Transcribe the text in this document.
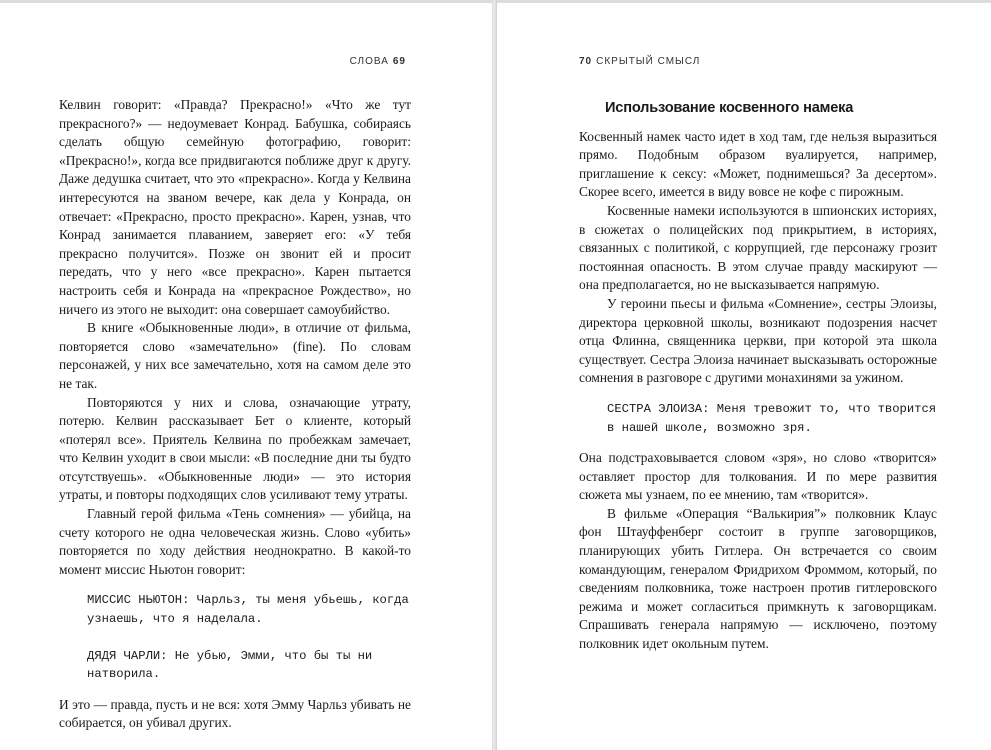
СЛОВА 69

Келвин говорит: «Правда? Прекрасно!» «Что же тут прекрасного?» — недоумевает Конрад. Бабушка, собираясь сделать общую семейную фотографию, говорит: «Прекрасно!», когда все придвигаются поближе друг к другу. Даже дедушка считает, что это «прекрасно». Когда у Келвина интересуются на званом вечере, как дела у Конрада, он отвечает: «Прекрасно, просто прекрасно». Карен, узнав, что Конрад занимается плаванием, заверяет его: «У тебя прекрасно получится». Позже он звонит ей и просит передать, что у него «все прекрасно». Карен пытается настроить себя и Конрада на «прекрасное Рождество», но ничего из этого не выходит: она совершает самоубийство.

В книге «Обыкновенные люди», в отличие от фильма, повторяется слово «замечательно» (fine). По словам персонажей, у них все замечательно, хотя на самом деле это не так.

Повторяются у них и слова, означающие утрату, потерю. Келвин рассказывает Бет о клиенте, который «потерял все». Приятель Келвина по пробежкам замечает, что Келвин уходит в свои мысли: «В последние дни ты будто отсутствуешь». «Обыкновенные люди» — это история утраты, и повторы подходящих слов усиливают тему утраты.

Главный герой фильма «Тень сомнения» — убийца, на счету которого не одна человеческая жизнь. Слово «убить» повторяется по ходу действия неоднократно. В какой-то момент миссис Ньютон говорит:

МИССИС НЬЮТОН: Чарльз, ты меня убьешь, когда узнаешь, что я наделала.
ДЯДЯ ЧАРЛИ: Не убью, Эмми, что бы ты ни натворила.

И это — правда, пусть и не вся: хотя Эмму Чарльз убивать не собирается, он убивал других.

70 СКРЫТЫЙ СМЫСЛ
Использование косвенного намека

Косвенный намек часто идет в ход там, где нельзя выразиться прямо. Подобным образом вуалируется, например, приглашение к сексу: «Может, поднимешься? За десертом». Скорее всего, имеется в виду вовсе не кофе с пирожным.

Косвенные намеки используются в шпионских историях, в сюжетах о полицейских под прикрытием, в историях, связанных с политикой, с коррупцией, где персонажу грозит постоянная опасность. В этом случае правду маскируют — она предполагается, но не высказывается напрямую.

У героини пьесы и фильма «Сомнение», сестры Элоизы, директора церковной школы, возникают подозрения насчет отца Флинна, священника церкви, при которой эта школа существует. Сестра Элоиза начинает высказывать осторожные сомнения в разговоре с другими монахинями за ужином.

СЕСТРА ЭЛОИЗА: Меня тревожит то, что творится в нашей школе, возможно зря.

Она подстраховывается словом «зря», но слово «творится» оставляет простор для толкования. И по мере развития сюжета мы узнаем, по ее мнению, там «творится».

В фильме «Операция “Валькирия”» полковник Клаус фон Штауффенберг состоит в группе заговорщиков, планирующих убить Гитлера. Он встречается со своим командующим, генералом Фридрихом Фроммом, который, по сведениям полковника, тоже настроен против гитлеровского режима и может согласиться примкнуть к заговорщикам. Спрашивать генерала напрямую — исключено, поэтому полковник идет окольным путем.
